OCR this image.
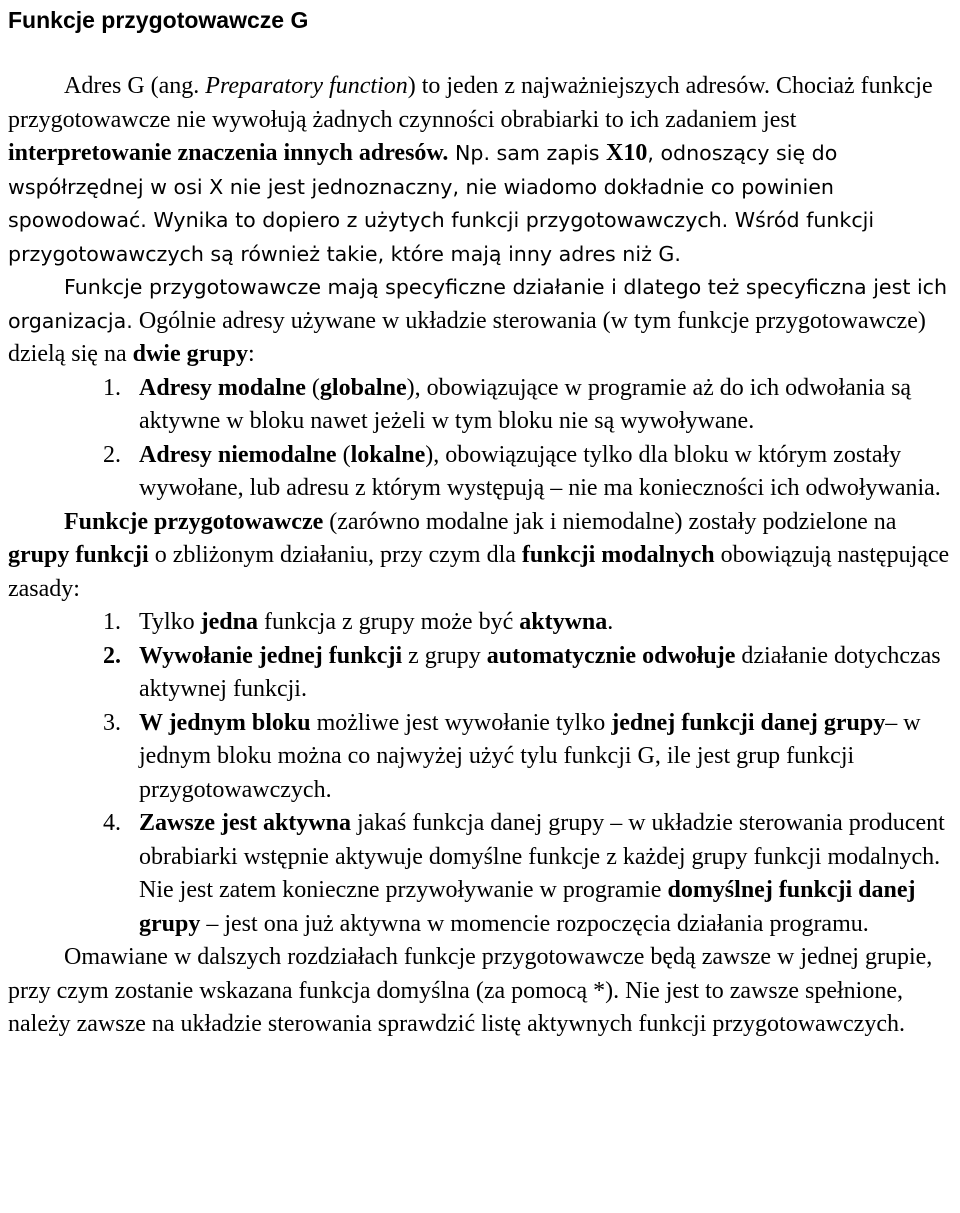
Funkcje przygotowawcze G

Adres G (ang. Preparatory function) to jeden z najważniejszych adresów. Chociaż funkcje przygotowawcze nie wywołują żadnych czynności obrabiarki to ich zadaniem jest interpretowanie znaczenia innych adresów. Np. sam zapis X10, odnoszący się do współrzędnej w osi X nie jest jednoznaczny, nie wiadomo dokładnie co powinien spowodować. Wynika to dopiero z użytych funkcji przygotowawczych. Wśród funkcji przygotowawczych są również takie, które mają inny adres niż G.

Funkcje przygotowawcze mają specyficzne działanie i dlatego też specyficzna jest ich organizacja. Ogólnie adresy używane w układzie sterowania (w tym funkcje przygotowawcze) dzielą się na dwie grupy:

1. Adresy modalne (globalne), obowiązujące w programie aż do ich odwołania są aktywne w bloku nawet jeżeli w tym bloku nie są wywoływane.
2. Adresy niemodalne (lokalne), obowiązujące tylko dla bloku w którym zostały wywołane, lub adresu z którym występują – nie ma konieczności ich odwoływania.

Funkcje przygotowawcze (zarówno modalne jak i niemodalne) zostały podzielone na grupy funkcji o zbliżonym działaniu, przy czym dla funkcji modalnych obowiązują następujące zasady:

1. Tylko jedna funkcja z grupy może być aktywna.
2. Wywołanie jednej funkcji z grupy automatycznie odwołuje działanie dotychczas aktywnej funkcji.
3. W jednym bloku możliwe jest wywołanie tylko jednej funkcji danej grupy– w jednym bloku można co najwyżej użyć tylu funkcji G, ile jest grup funkcji przygotowawczych.
4. Zawsze jest aktywna jakaś funkcja danej grupy – w układzie sterowania producent obrabiarki wstępnie aktywuje domyślne funkcje z każdej grupy funkcji modalnych. Nie jest zatem konieczne przywoływanie w programie domyślnej funkcji danej grupy – jest ona już aktywna w momencie rozpoczęcia działania programu.

Omawiane w dalszych rozdziałach funkcje przygotowawcze będą zawsze w jednej grupie, przy czym zostanie wskazana funkcja domyślna (za pomocą *). Nie jest to zawsze spełnione, należy zawsze na układzie sterowania sprawdzić listę aktywnych funkcji przygotowawczych.
